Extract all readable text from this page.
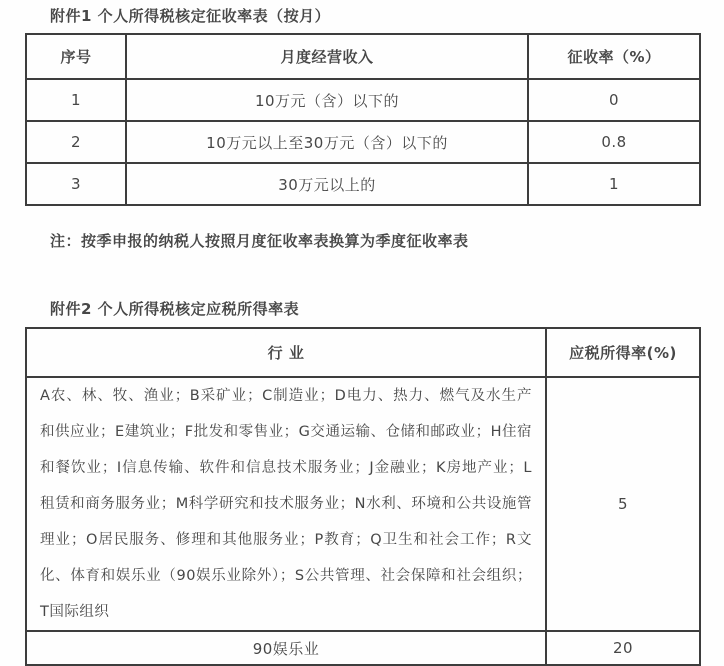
附件1 个人所得税核定征收率表（按月）
序号	月度经营收入	征收率（%）
1	10万元（含）以下的	0
2	10万元以上至30万元（含）以下的	0.8
3	30万元以上的	1
注：按季申报的纳税人按照月度征收率表换算为季度征收率表
附件2 个人所得税核定应税所得率表
行 业	应税所得率(%)
A农、林、牧、渔业；B采矿业；C制造业；D电力、热力、燃气及水生产和供应业；E建筑业；F批发和零售业；G交通运输、仓储和邮政业；H住宿和餐饮业；I信息传输、软件和信息技术服务业；J金融业；K房地产业；L租赁和商务服务业；M科学研究和技术服务业；N水利、环境和公共设施管理业；O居民服务、修理和其他服务业；P教育；Q卫生和社会工作；R文化、体育和娱乐业（90娱乐业除外）；S公共管理、社会保障和社会组织；T国际组织	5
90娱乐业	20
